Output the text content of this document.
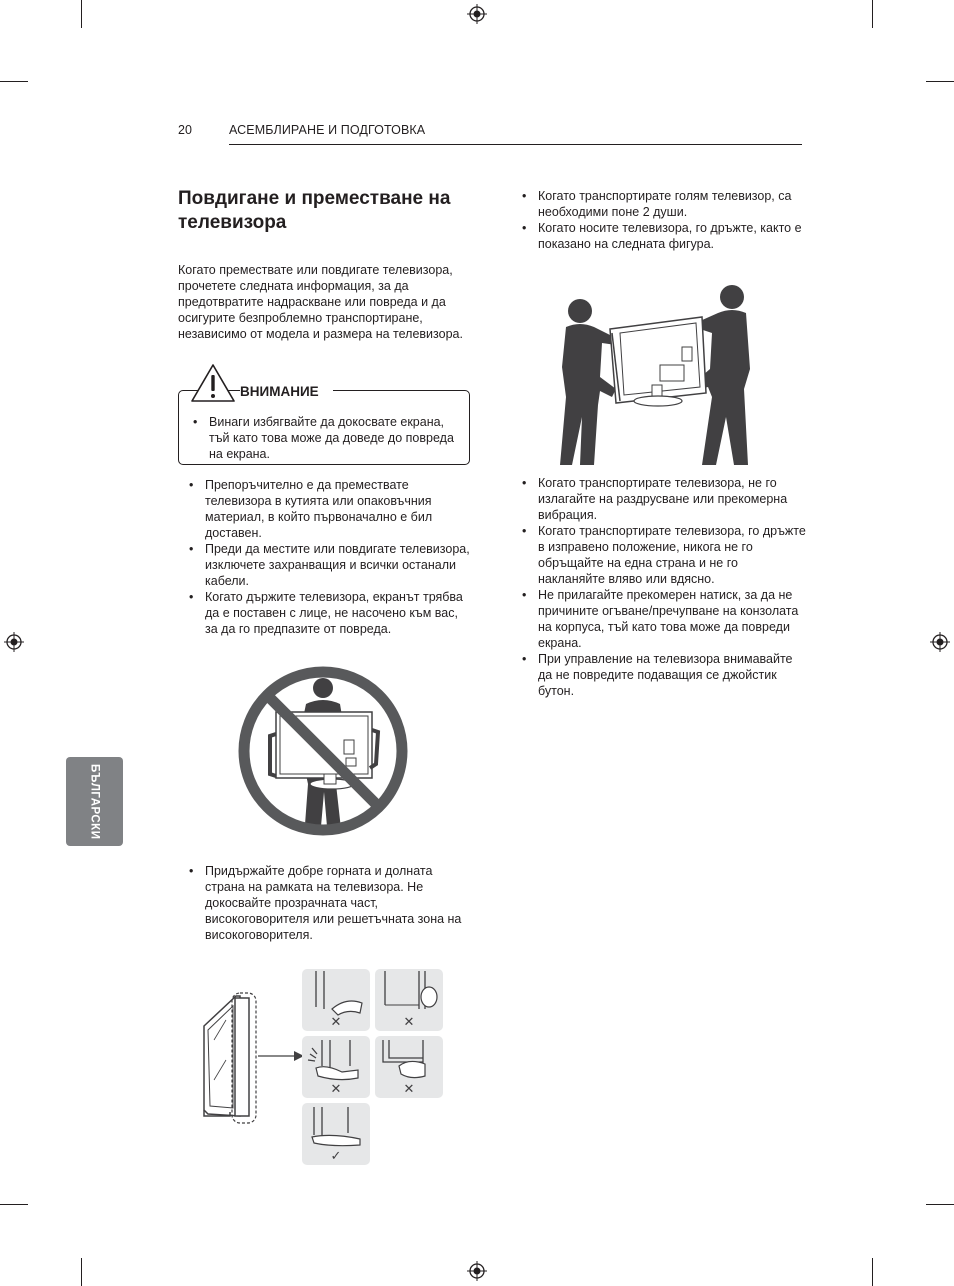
20	АСЕМБЛИРАНЕ И ПОДГОТОВКА
Повдигане и преместване на телевизора
Когато премествате или повдигате телевизора, прочетете следната информация, за да предотвратите надраскване или повреда и да осигурите безпроблемно транспортиране, независимо от модела и размера на телевизора.
ВНИМАНИЕ
• Винаги избягвайте да докосвате екрана, тъй като това може да доведе до повреда на екрана.
• Препоръчително е да премествате телевизора в кутията или опаковъчния материал, в който първоначално е бил доставен.
• Преди да местите или повдигате телевизора, изключете захранващия и всички останали кабели.
• Когато държите телевизора, екранът трябва да е поставен с лице, не насочено към вас, за да го предпазите от повреда.
• Придържайте добре горната и долната страна на рамката на телевизора. Не докосвайте прозрачната част, високоговорителя или решетъчната зона на високоговорителя.
✕	✕
✕	✕
✓
• Когато транспортирате голям телевизор, са необходими поне 2 души.
• Когато носите телевизора, го дръжте, както е показано на следната фигура.
• Когато транспортирате телевизора, не го излагайте на раздрусване или прекомерна вибрация.
• Когато транспортирате телевизора, го дръжте в изправено положение, никога не го обръщайте на една страна и не го накланяйте вляво или вдясно.
• Не прилагайте прекомерен натиск, за да не причините огъване/пречупване на конзолата на корпуса, тъй като това може да повреди екрана.
• При управление на телевизора внимавайте да не повредите подаващия се джойстик бутон.
БЪЛГАРСКИ
